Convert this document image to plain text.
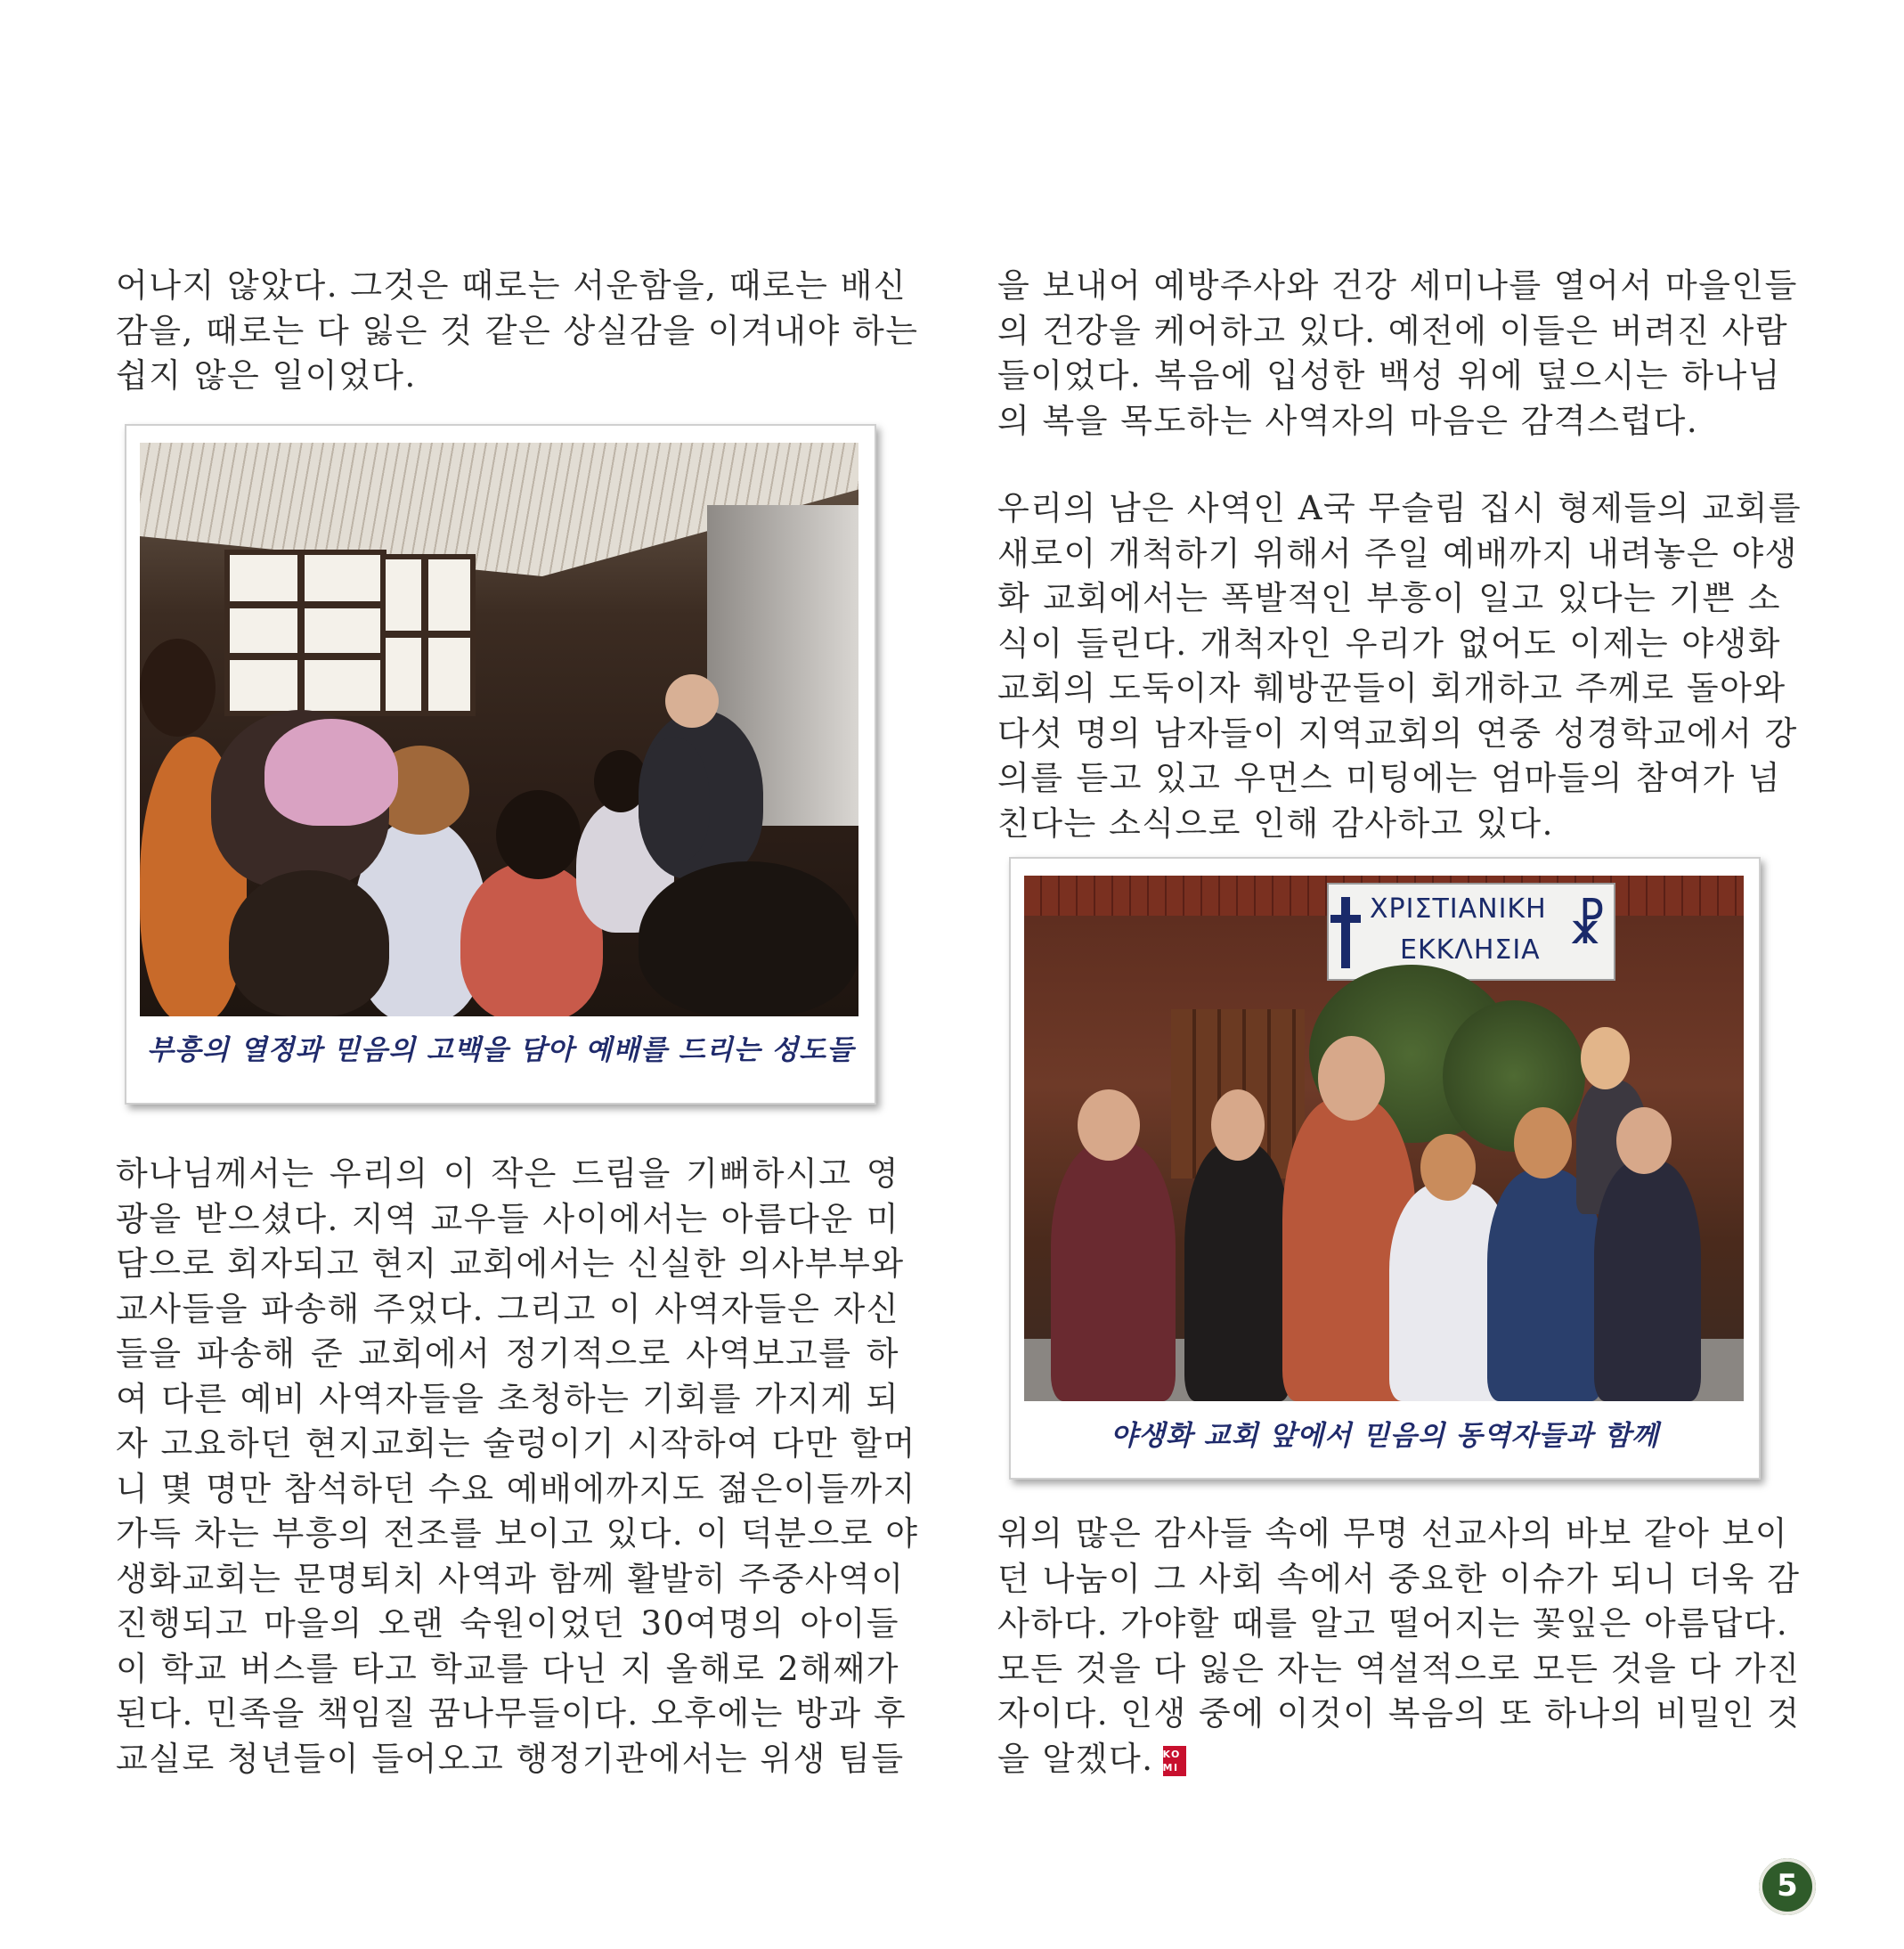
어나지 않았다. 그것은 때로는 서운함을, 때로는 배신
감을, 때로는 다 잃은 것 같은 상실감을 이겨내야 하는
쉽지 않은 일이었다.

부흥의 열정과 믿음의 고백을 담아 예배를 드리는 성도들

하나님께서는 우리의 이 작은 드림을 기뻐하시고 영
광을 받으셨다. 지역 교우들 사이에서는 아름다운 미
담으로 회자되고 현지 교회에서는 신실한 의사부부와
교사들을 파송해 주었다. 그리고 이 사역자들은 자신
들을 파송해 준 교회에서 정기적으로 사역보고를 하
여 다른 예비 사역자들을 초청하는 기회를 가지게 되
자 고요하던 현지교회는 술렁이기 시작하여 다만 할머
니 몇 명만 참석하던 수요 예배에까지도 젊은이들까지
가득 차는 부흥의 전조를 보이고 있다. 이 덕분으로 야
생화교회는 문명퇴치 사역과 함께 활발히 주중사역이
진행되고 마을의 오랜 숙원이었던 30여명의 아이들
이 학교 버스를 타고 학교를 다닌 지 올해로 2해째가
된다. 민족을 책임질 꿈나무들이다. 오후에는 방과 후
교실로 청년들이 들어오고 행정기관에서는 위생 팀들

을 보내어 예방주사와 건강 세미나를 열어서 마을인들
의 건강을 케어하고 있다. 예전에 이들은 버려진 사람
들이었다. 복음에 입성한 백성 위에 덮으시는 하나님
의 복을 목도하는 사역자의 마음은 감격스럽다.

우리의 남은 사역인 A국 무슬림 집시 형제들의 교회를
새로이 개척하기 위해서 주일 예배까지 내려놓은 야생
화 교회에서는 폭발적인 부흥이 일고 있다는 기쁜 소
식이 들린다. 개척자인 우리가 없어도 이제는 야생화
교회의 도둑이자 훼방꾼들이 회개하고 주께로 돌아와
다섯 명의 남자들이 지역교회의 연중 성경학교에서 강
의를 듣고 있고 우먼스 미팅에는 엄마들의 참여가 넘
친다는 소식으로 인해 감사하고 있다.

ΧΡΙΣΤΙΑΝΙΚΗ
ΕΚΚΛΗΣΙΑ ☧
야생화 교회 앞에서 믿음의 동역자들과 함께

위의 많은 감사들 속에 무명 선교사의 바보 같아 보이
던 나눔이 그 사회 속에서 중요한 이슈가 되니 더욱 감
사하다. 가야할 때를 알고 떨어지는 꽃잎은 아름답다.
모든 것을 다 잃은 자는 역설적으로 모든 것을 다 가진
자이다. 인생 중에 이것이 복음의 또 하나의 비밀인 것
을 알겠다. KO
MI

5
